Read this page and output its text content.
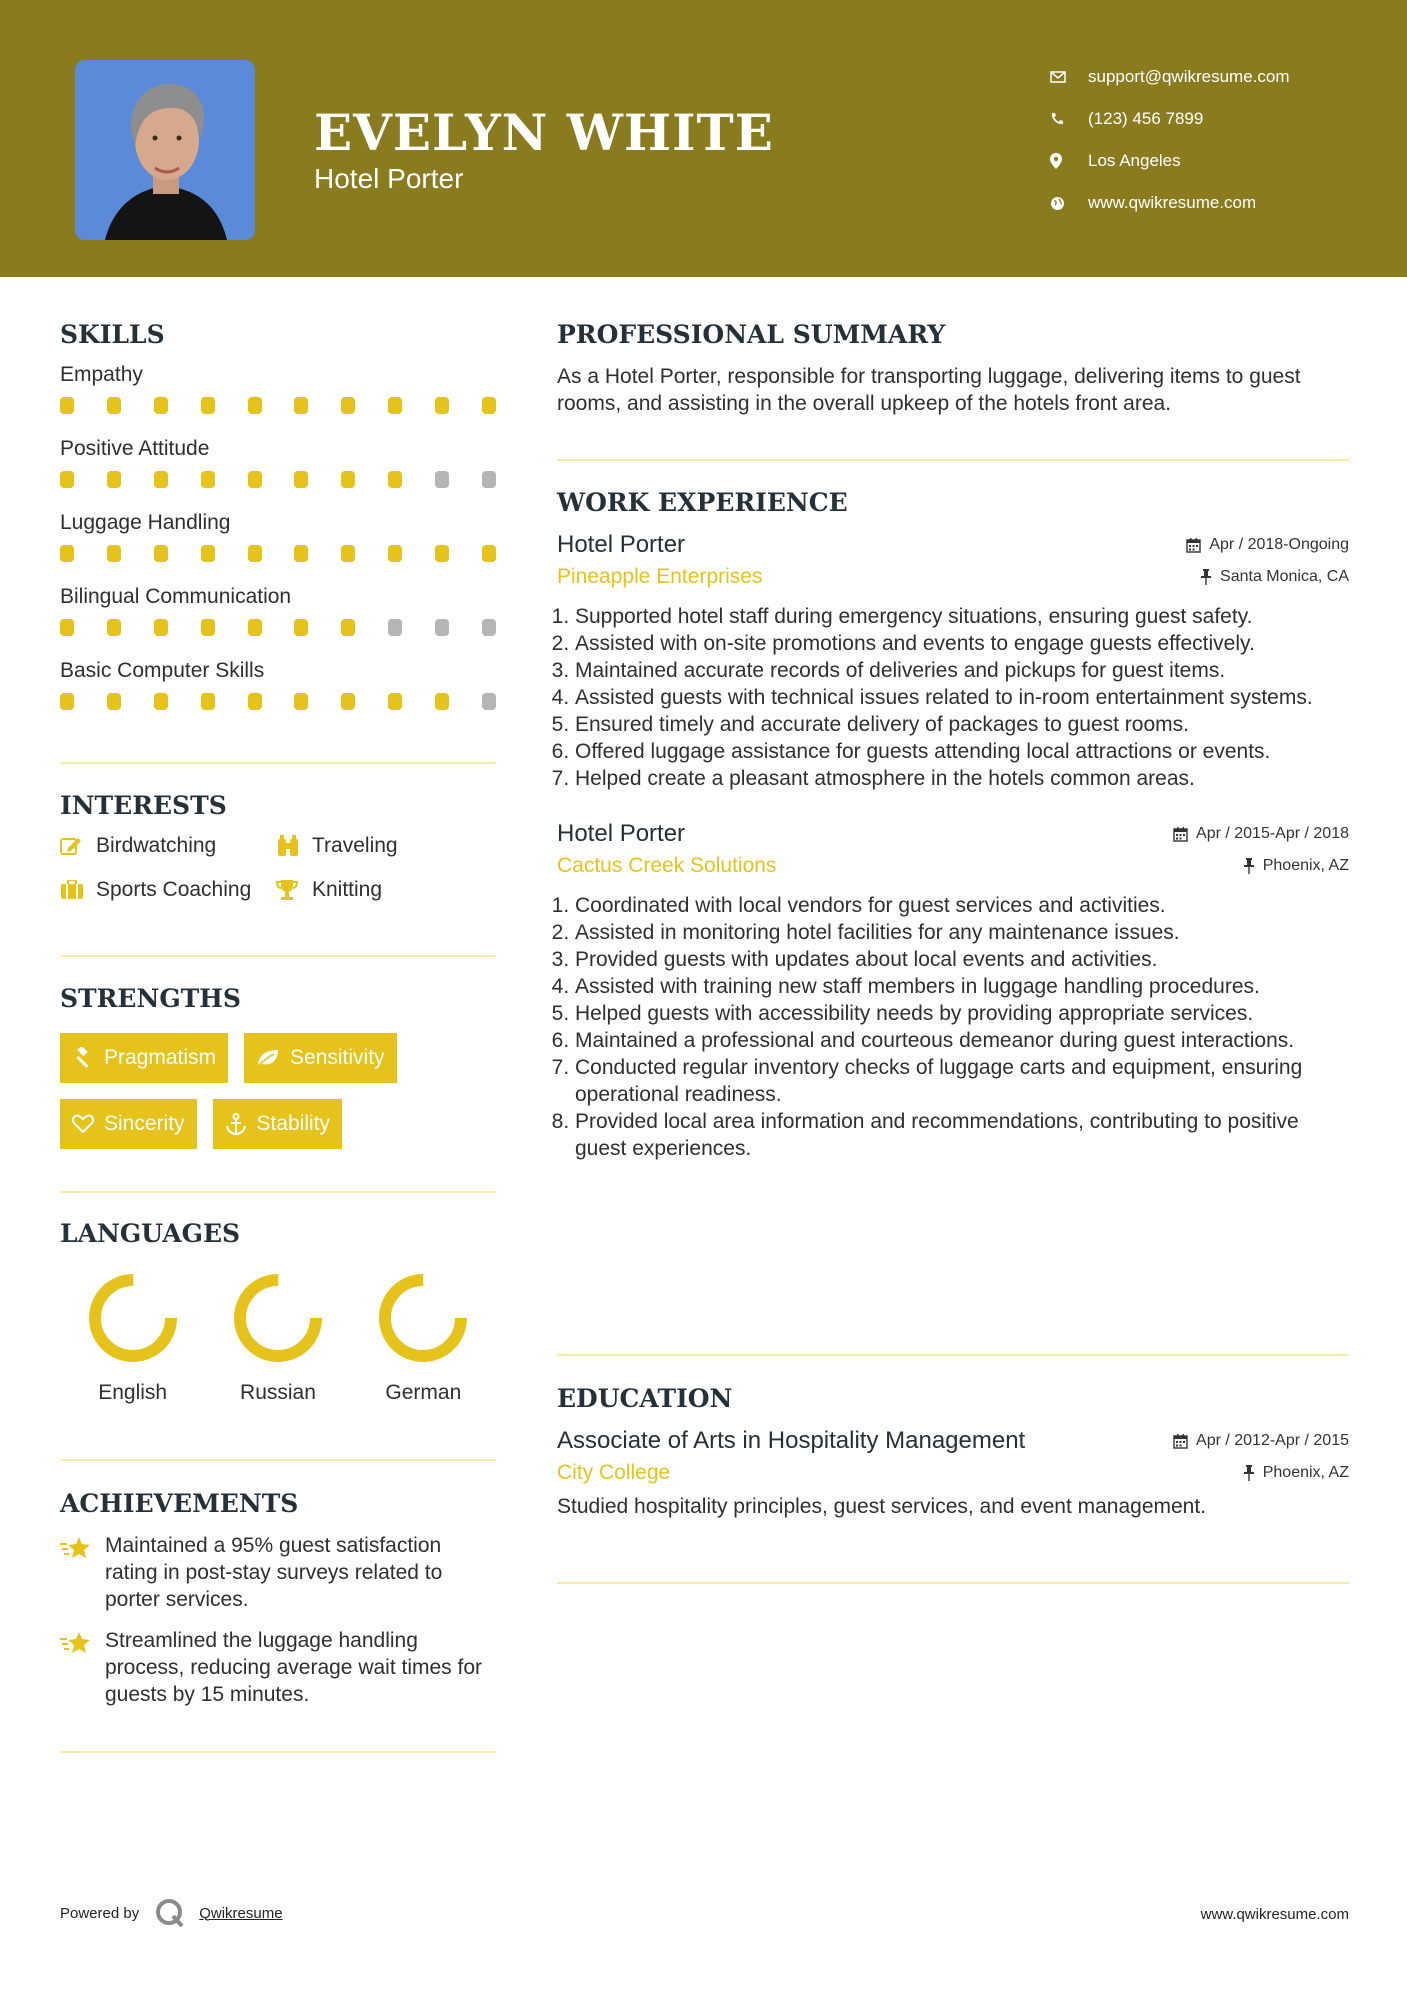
EVELYN WHITE
Hotel Porter
support@qwikresume.com
(123) 456 7899
Los Angeles
www.qwikresume.com
SKILLS
Empathy
Positive Attitude
Luggage Handling
Bilingual Communication
Basic Computer Skills
INTERESTS
Birdwatching	Traveling
Sports Coaching	Knitting
STRENGTHS
Pragmatism	Sensitivity
Sincerity	Stability
LANGUAGES
English	Russian	German
ACHIEVEMENTS
Maintained a 95% guest satisfaction rating in post-stay surveys related to porter services.
Streamlined the luggage handling process, reducing average wait times for guests by 15 minutes.
PROFESSIONAL SUMMARY
As a Hotel Porter, responsible for transporting luggage, delivering items to guest rooms, and assisting in the overall upkeep of the hotels front area.
WORK EXPERIENCE
Hotel Porter	Apr / 2018-Ongoing
Pineapple Enterprises	Santa Monica, CA
1. Supported hotel staff during emergency situations, ensuring guest safety.
2. Assisted with on-site promotions and events to engage guests effectively.
3. Maintained accurate records of deliveries and pickups for guest items.
4. Assisted guests with technical issues related to in-room entertainment systems.
5. Ensured timely and accurate delivery of packages to guest rooms.
6. Offered luggage assistance for guests attending local attractions or events.
7. Helped create a pleasant atmosphere in the hotels common areas.
Hotel Porter	Apr / 2015-Apr / 2018
Cactus Creek Solutions	Phoenix, AZ
1. Coordinated with local vendors for guest services and activities.
2. Assisted in monitoring hotel facilities for any maintenance issues.
3. Provided guests with updates about local events and activities.
4. Assisted with training new staff members in luggage handling procedures.
5. Helped guests with accessibility needs by providing appropriate services.
6. Maintained a professional and courteous demeanor during guest interactions.
7. Conducted regular inventory checks of luggage carts and equipment, ensuring operational readiness.
8. Provided local area information and recommendations, contributing to positive guest experiences.
EDUCATION
Associate of Arts in Hospitality Management	Apr / 2012-Apr / 2015
City College	Phoenix, AZ
Studied hospitality principles, guest services, and event management.
Powered by	Qwikresume	www.qwikresume.com
